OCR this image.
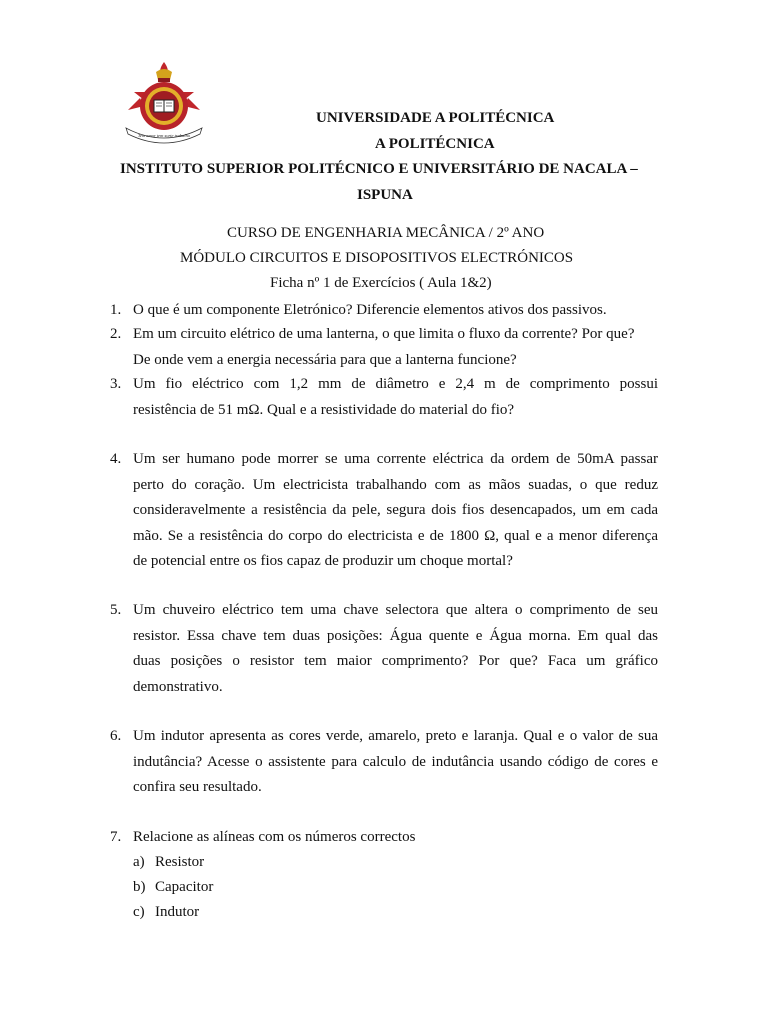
Tem amor tem sorte trabalho
UNIVERSIDADE A POLITÉCNICA
A POLITÉCNICA
INSTITUTO SUPERIOR POLITÉCNICO E UNIVERSITÁRIO DE NACALA –
ISPUNA
CURSO DE ENGENHARIA MECÂNICA / 2º ANO
MÓDULO CIRCUITOS E DISOPOSITIVOS ELECTRÓNICOS
Ficha nº 1 de Exercícios ( Aula 1&2)
1. O que é um componente Eletrónico? Diferencie elementos ativos dos passivos.
2. Em um circuito elétrico de uma lanterna, o que limita o fluxo da corrente? Por que?
De onde vem a energia necessária para que a lanterna funcione?
3. Um fio eléctrico com 1,2 mm de diâmetro e 2,4 m de comprimento possui
resistência de 51 mΩ. Qual e a resistividade do material do fio?
4. Um ser humano pode morrer se uma corrente eléctrica da ordem de 50mA passar
perto do coração. Um electricista trabalhando com as mãos suadas, o que reduz
consideravelmente a resistência da pele, segura dois fios desencapados, um em cada
mão. Se a resistência do corpo do electricista e de 1800 Ω, qual e a menor diferença
de potencial entre os fios capaz de produzir um choque mortal?
5. Um chuveiro eléctrico tem uma chave selectora que altera o comprimento de seu
resistor. Essa chave tem duas posições: Água quente e Água morna. Em qual das
duas posições o resistor tem maior comprimento? Por que? Faca um gráfico
demonstrativo.
6. Um indutor apresenta as cores verde, amarelo, preto e laranja. Qual e o valor de sua
indutância? Acesse o assistente para calculo de indutância usando código de cores e
confira seu resultado.
7. Relacione as alíneas com os números correctos
a) Resistor
b) Capacitor
c) Indutor
